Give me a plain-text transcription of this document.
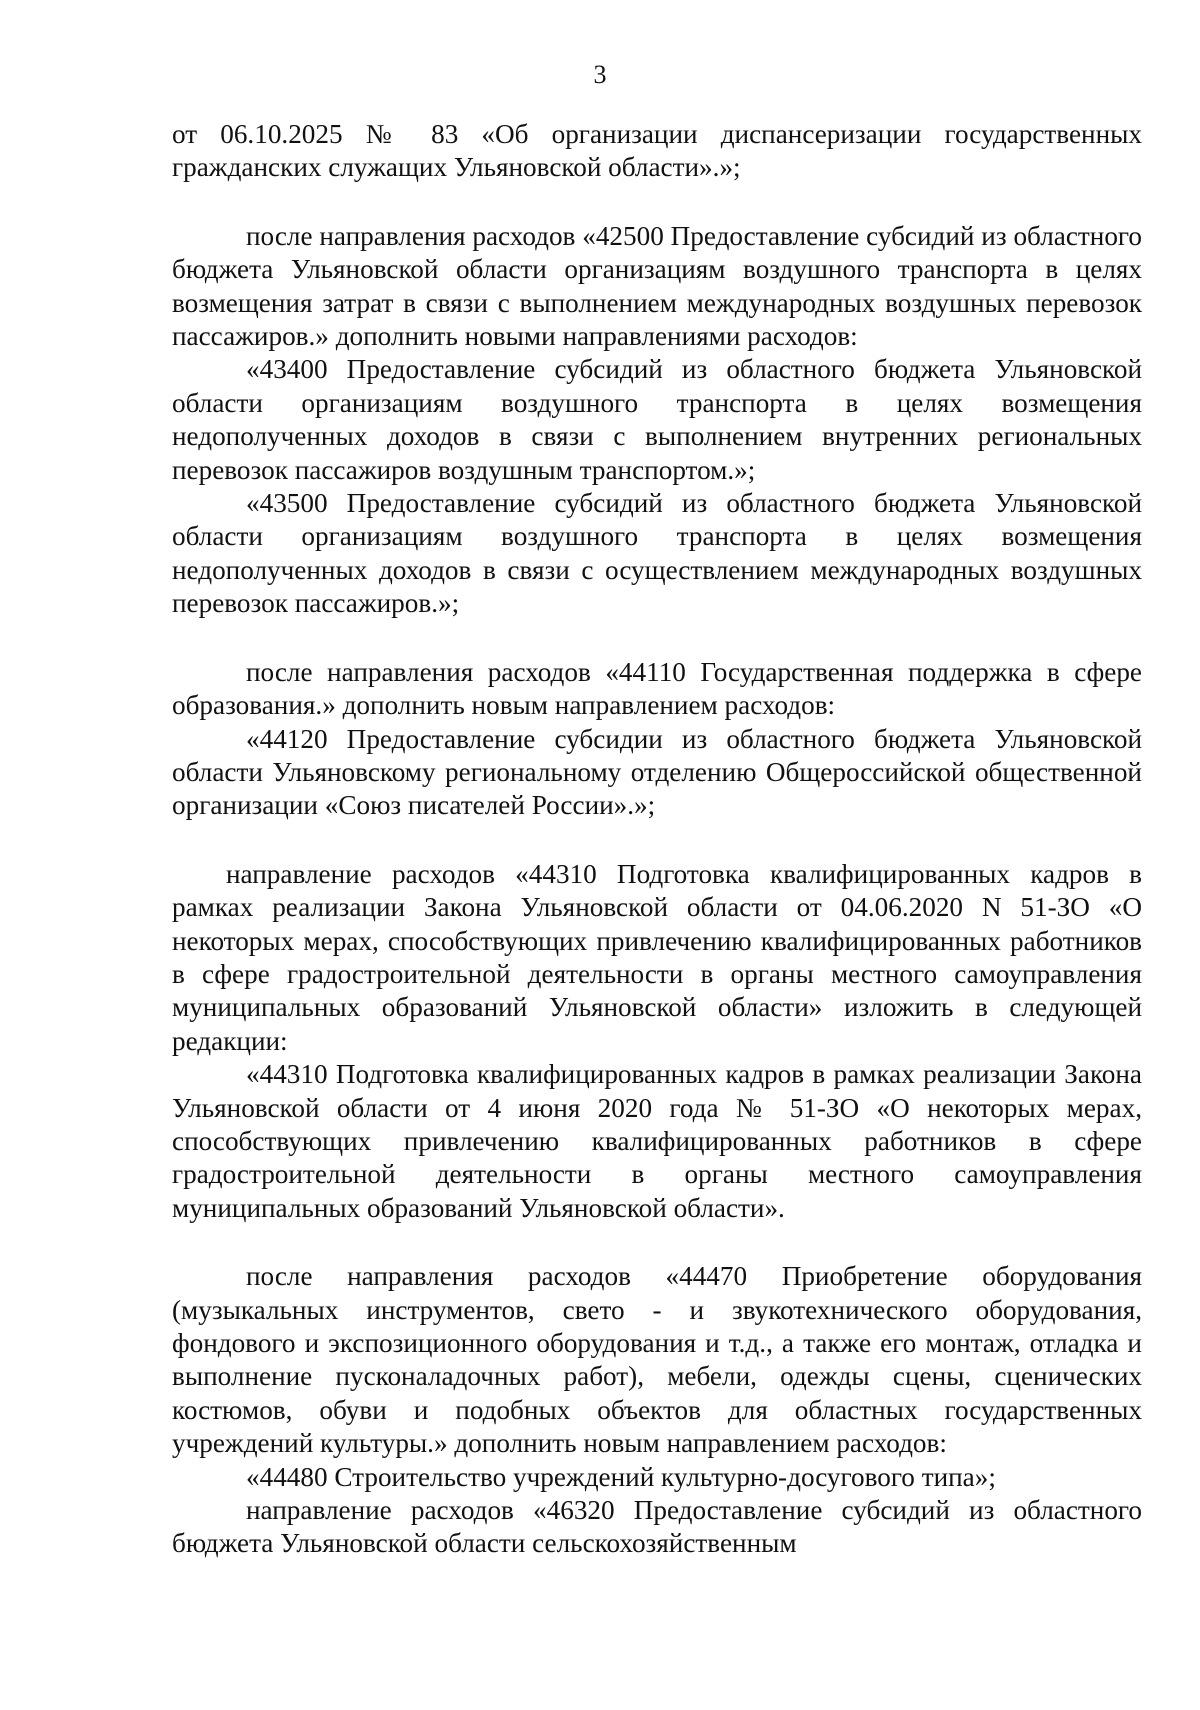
3

от 06.10.2025 № 83 «Об организации диспансеризации государственных гражданских служащих Ульяновской области».»;

после направления расходов «42500 Предоставление субсидий из областного бюджета Ульяновской области организациям воздушного транспорта в целях возмещения затрат в связи с выполнением международных воздушных перевозок пассажиров.» дополнить новыми направлениями расходов:

«43400 Предоставление субсидий из областного бюджета Ульяновской области организациям воздушного транспорта в целях возмещения недополученных доходов в связи с выполнением внутренних региональных перевозок пассажиров воздушным транспортом.»;

«43500 Предоставление субсидий из областного бюджета Ульяновской области организациям воздушного транспорта в целях возмещения недополученных доходов в связи с осуществлением международных воздушных перевозок пассажиров.»;

после направления расходов «44110 Государственная поддержка в сфере образования.» дополнить новым направлением расходов:

«44120 Предоставление субсидии из областного бюджета Ульяновской области Ульяновскому региональному отделению Общероссийской общественной организации «Союз писателей России».»;

направление расходов «44310 Подготовка квалифицированных кадров в рамках реализации Закона Ульяновской области от 04.06.2020 N 51-ЗО «О некоторых мерах, способствующих привлечению квалифицированных работников в сфере градостроительной деятельности в органы местного самоуправления муниципальных образований Ульяновской области» изложить в следующей редакции:

«44310 Подготовка квалифицированных кадров в рамках реализации Закона Ульяновской области от 4 июня 2020 года № 51-ЗО «О некоторых мерах, способствующих привлечению квалифицированных работников в сфере градостроительной деятельности в органы местного самоуправления муниципальных образований Ульяновской области».

после направления расходов «44470 Приобретение оборудования (музыкальных инструментов, свето - и звукотехнического оборудования, фондового и экспозиционного оборудования и т.д., а также его монтаж, отладка и выполнение пусконаладочных работ), мебели, одежды сцены, сценических костюмов, обуви и подобных объектов для областных государственных учреждений культуры.» дополнить новым направлением расходов:

«44480 Строительство учреждений культурно-досугового типа»;

направление расходов «46320 Предоставление субсидий из областного бюджета Ульяновской области сельскохозяйственным
